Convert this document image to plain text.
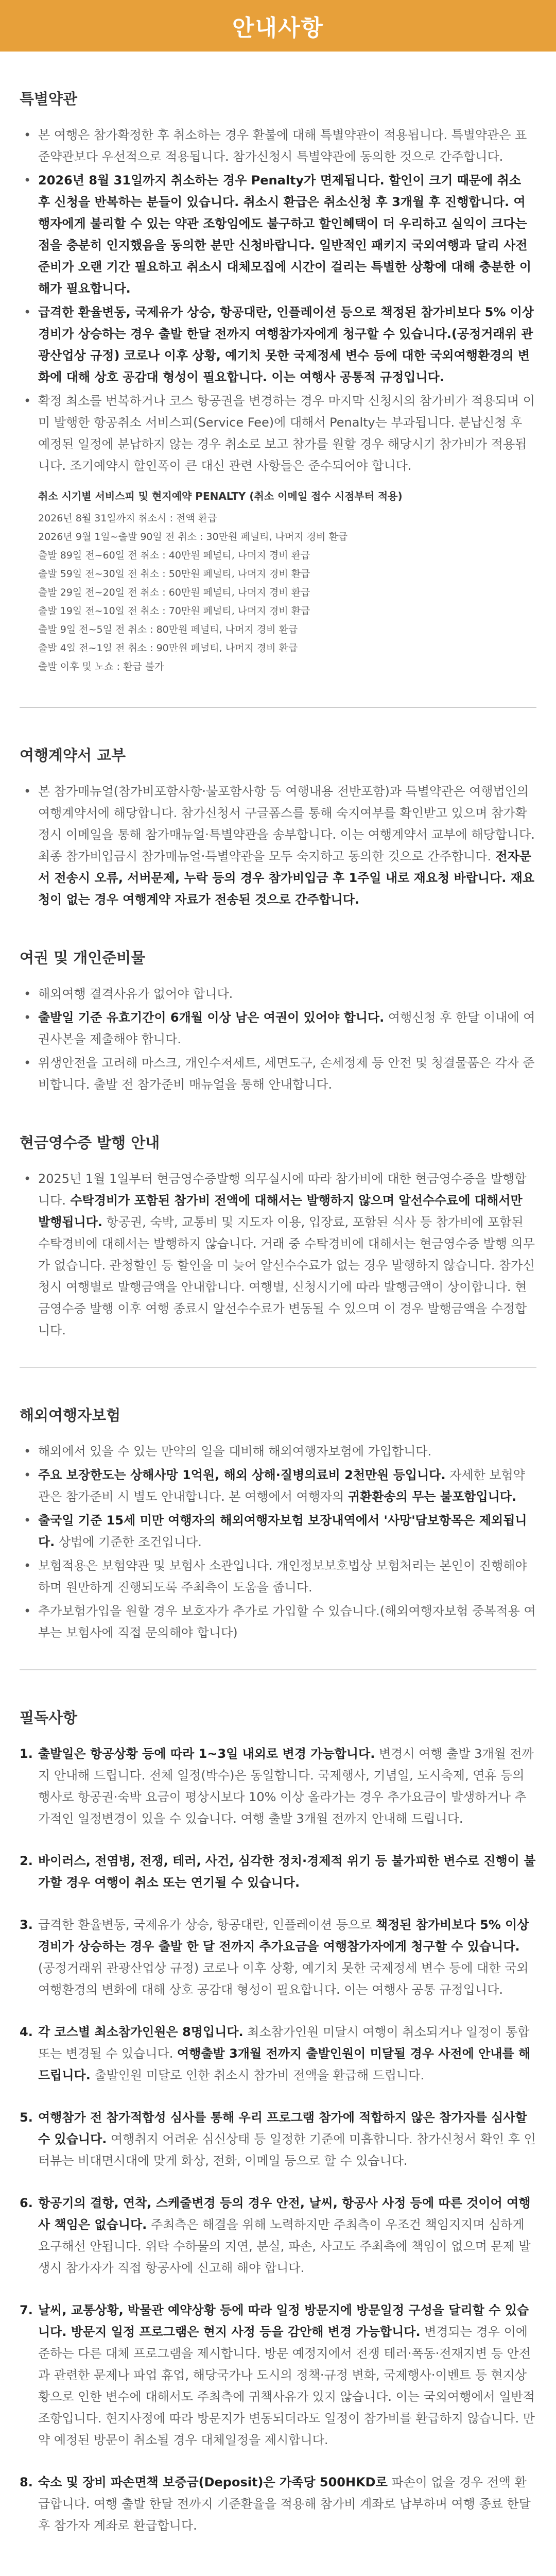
안내사항
특별약관
• 본 여행은 참가확정한 후 취소하는 경우 환불에 대해 특별약관이 적용됩니다. 특별약관은 표준약관보다 우선적으로 적용됩니다. 참가신청시 특별약관에 동의한 것으로 간주합니다.
• 2026년 8월 31일까지 취소하는 경우 Penalty가 면제됩니다. 할인이 크기 때문에 취소 후 신청을 반복하는 분들이 있습니다. 취소시 환급은 취소신청 후 3개월 후 진행합니다. 여행자에게 불리할 수 있는 약관 조항임에도 불구하고 할인혜택이 더 우리하고 실익이 크다는 점을 충분히 인지했음을 동의한 분만 신청바랍니다. 일반적인 패키지 국외여행과 달리 사전 준비가 오랜 기간 필요하고 취소시 대체모집에 시간이 걸리는 특별한 상황에 대해 충분한 이해가 필요합니다.
• 급격한 환율변동, 국제유가 상승, 항공대란, 인플레이션 등으로 책정된 참가비보다 5% 이상 경비가 상승하는 경우 출발 한달 전까지 여행참가자에게 청구할 수 있습니다.(공정거래위 관광산업상 규정) 코로나 이후 상황, 예기치 못한 국제정세 변수 등에 대한 국외여행환경의 변화에 대해 상호 공감대 형성이 필요합니다. 이는 여행사 공통적 규정입니다.
• 확정 최소를 번복하거나 코스 항공권을 변경하는 경우 마지막 신청시의 참가비가 적용되며 이미 발행한 항공취소 서비스피(Service Fee)에 대해서 Penalty는 부과됩니다. 분납신청 후 예정된 일정에 분납하지 않는 경우 취소로 보고 참가를 원할 경우 해당시기 참가비가 적용됩니다. 조기예약시 할인폭이 큰 대신 관련 사항들은 준수되어야 합니다.
취소 시기별 서비스피 및 현지예약 PENALTY (취소 이메일 접수 시점부터 적용)
2026년 8월 31일까지 취소시 : 전액 환급
2026년 9월 1일~출발 90일 전 취소 : 30만원 페널티, 나머지 경비 환급
출발 89일 전~60일 전 취소 : 40만원 페널티, 나머지 경비 환급
출발 59일 전~30일 전 취소 : 50만원 페널티, 나머지 경비 환급
출발 29일 전~20일 전 취소 : 60만원 페널티, 나머지 경비 환급
출발 19일 전~10일 전 취소 : 70만원 페널티, 나머지 경비 환급
출발 9일 전~5일 전 취소 : 80만원 페널티, 나머지 경비 환급
출발 4일 전~1일 전 취소 : 90만원 페널티, 나머지 경비 환급
출발 이후 및 노쇼 : 환급 불가
여행계약서 교부
• 본 참가매뉴얼(참가비포함사항·불포함사항 등 여행내용 전반포함)과 특별약관은 여행법인의 여행계약서에 해당합니다. 참가신청서 구글폼스를 통해 숙지여부를 확인받고 있으며 참가확정시 이메일을 통해 참가매뉴얼·특별약관을 송부합니다. 이는 여행계약서 교부에 해당합니다. 최종 참가비입금시 참가매뉴얼·특별약관을 모두 숙지하고 동의한 것으로 간주합니다. 전자문서 전송시 오류, 서버문제, 누락 등의 경우 참가비입금 후 1주일 내로 재요청 바랍니다. 재요청이 없는 경우 여행계약 자료가 전송된 것으로 간주합니다.
여권 및 개인준비물
• 해외여행 결격사유가 없어야 합니다.
• 출발일 기준 유효기간이 6개월 이상 남은 여권이 있어야 합니다. 여행신청 후 한달 이내에 여권사본을 제출해야 합니다.
• 위생안전을 고려해 마스크, 개인수저세트, 세면도구, 손세정제 등 안전 및 청결물품은 각자 준비합니다. 출발 전 참가준비 매뉴얼을 통해 안내합니다.
현금영수증 발행 안내
• 2025년 1월 1일부터 현금영수증발행 의무실시에 따라 참가비에 대한 현금영수증을 발행합니다. 수탁경비가 포함된 참가비 전액에 대해서는 발행하지 않으며 알선수수료에 대해서만 발행됩니다. 항공권, 숙박, 교통비 및 지도자 이용, 입장료, 포함된 식사 등 참가비에 포함된 수탁경비에 대해서는 발행하지 않습니다. 거래 중 수탁경비에 대해서는 현금영수증 발행 의무가 없습니다. 관청할인 등 할인을 미 늦어 알선수수료가 없는 경우 발행하지 않습니다. 참가신청시 여행별로 발행금액을 안내합니다. 여행별, 신청시기에 따라 발행금액이 상이합니다. 현금영수증 발행 이후 여행 종료시 알선수수료가 변동될 수 있으며 이 경우 발행금액을 수정합니다.
해외여행자보험
• 해외에서 있을 수 있는 만약의 일을 대비해 해외여행자보험에 가입합니다.
• 주요 보장한도는 상해사망 1억원, 해외 상해·질병의료비 2천만원 등입니다. 자세한 보험약관은 참가준비 시 별도 안내합니다. 본 여행에서 여행자의 귀환환송의 무는 불포함입니다.
• 출국일 기준 15세 미만 여행자의 해외여행자보험 보장내역에서 '사망'담보항목은 제외됩니다. 상법에 기준한 조건입니다.
• 보험적용은 보험약관 및 보험사 소관입니다. 개인정보보호법상 보험처리는 본인이 진행해야 하며 원만하게 진행되도록 주최측이 도움을 줍니다.
• 추가보험가입을 원할 경우 보호자가 추가로 가입할 수 있습니다.(해외여행자보험 중복적용 여부는 보험사에 직접 문의해야 합니다)
필독사항
1. 출발일은 항공상황 등에 따라 1~3일 내외로 변경 가능합니다. 변경시 여행 출발 3개월 전까지 안내해 드립니다. 전체 일정(박수)은 동일합니다. 국제행사, 기념일, 도시축제, 연휴 등의 행사로 항공권·숙박 요금이 평상시보다 10% 이상 올라가는 경우 추가요금이 발생하거나 추가적인 일정변경이 있을 수 있습니다. 여행 출발 3개월 전까지 안내해 드립니다.
2. 바이러스, 전염병, 전쟁, 테러, 사건, 심각한 정치·경제적 위기 등 불가피한 변수로 진행이 불가할 경우 여행이 취소 또는 연기될 수 있습니다.
3. 급격한 환율변동, 국제유가 상승, 항공대란, 인플레이션 등으로 책정된 참가비보다 5% 이상 경비가 상승하는 경우 출발 한 달 전까지 추가요금을 여행참가자에게 청구할 수 있습니다. (공정거래위 관광산업상 규정) 코로나 이후 상황, 예기치 못한 국제정세 변수 등에 대한 국외여행환경의 변화에 대해 상호 공감대 형성이 필요합니다. 이는 여행사 공통 규정입니다.
4. 각 코스별 최소참가인원은 8명입니다. 최소참가인원 미달시 여행이 취소되거나 일정이 통합 또는 변경될 수 있습니다. 여행출발 3개월 전까지 출발인원이 미달될 경우 사전에 안내를 해드립니다. 출발인원 미달로 인한 취소시 참가비 전액을 환급해 드립니다.
5. 여행참가 전 참가적합성 심사를 통해 우리 프로그램 참가에 적합하지 않은 참가자를 심사할 수 있습니다. 여행취지 어려운 심신상태 등 일정한 기준에 미흡합니다. 참가신청서 확인 후 인터뷰는 비대면시대에 맞게 화상, 전화, 이메일 등으로 할 수 있습니다.
6. 항공기의 결항, 연착, 스케줄변경 등의 경우 안전, 날씨, 항공사 사정 등에 따른 것이어 여행사 책임은 없습니다. 주최측은 해결을 위해 노력하지만 주최측이 우조건 책임지지며 심하게 요구해선 안됩니다. 위탁 수하물의 지연, 분실, 파손, 사고도 주최측에 책임이 없으며 문제 발생시 참가자가 직접 항공사에 신고해 해야 합니다.
7. 날씨, 교통상황, 박물관 예약상황 등에 따라 일정 방문지에 방문일정 구성을 달리할 수 있습니다. 방문지 일정 프로그램은 현지 사정 등을 감안해 변경 가능합니다. 변경되는 경우 이에 준하는 다른 대체 프로그램을 제시합니다. 방문 예정지에서 전쟁 테러·폭동·전재지변 등 안전과 관련한 문제나 파업 휴업, 해당국가나 도시의 정책·규정 변화, 국제행사·이벤트 등 현지상황으로 인한 변수에 대해서도 주최측에 귀책사유가 있지 않습니다. 이는 국외여행에서 일반적 조항입니다. 현지사정에 따라 방문지가 변동되더라도 일정이 참가비를 환급하지 않습니다. 만약 예정된 방문이 취소될 경우 대체일정을 제시합니다.
8. 숙소 및 장비 파손면책 보증금(Deposit)은 가족당 500HKD로 파손이 없을 경우 전액 환급합니다. 여행 출발 한달 전까지 기준환율을 적용해 참가비 계좌로 납부하며 여행 종료 한달 후 참가자 계좌로 환급합니다.
